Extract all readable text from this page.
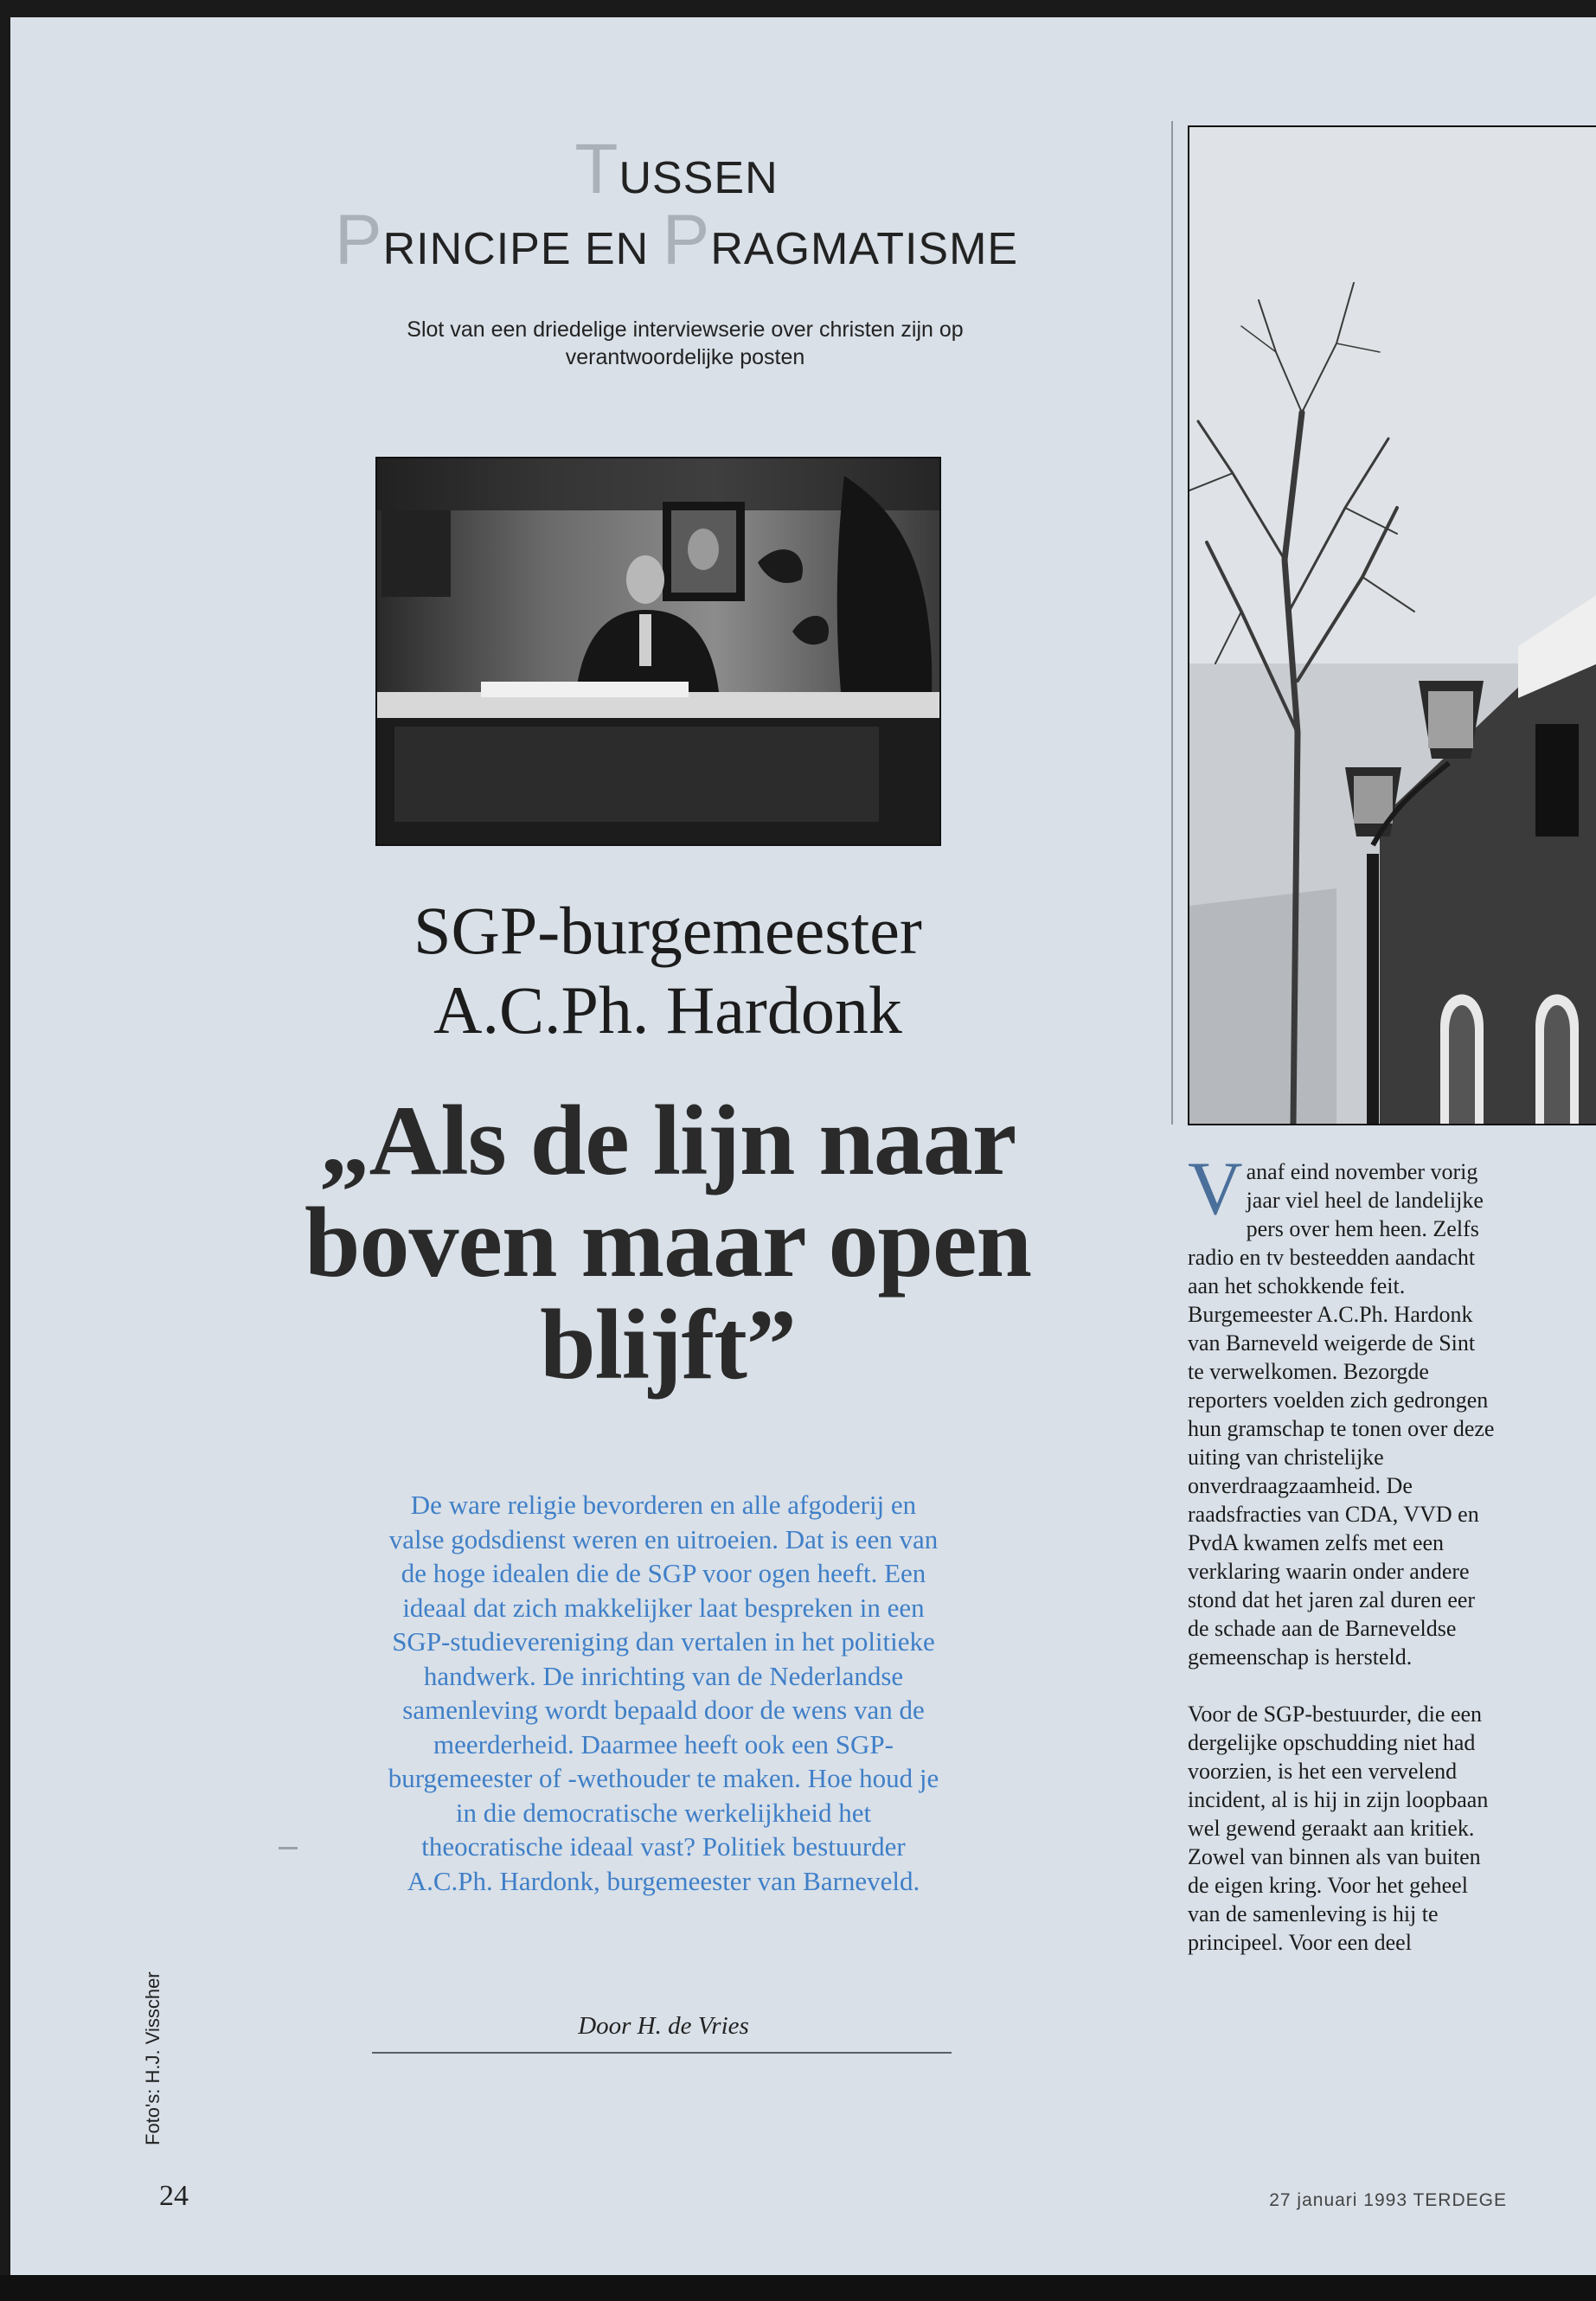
TUSSEN
PRINCIPE EN PRAGMATISME
Slot van een driedelige interviewserie over christen zijn op verantwoordelijke posten
SGP-burgemeester
A.C.Ph. Hardonk
„Als de lijn naar boven maar open blijft”
De ware religie bevorderen en alle afgoderij en valse godsdienst weren en uitroeien. Dat is een van de hoge idealen die de SGP voor ogen heeft. Een ideaal dat zich makkelijker laat bespreken in een SGP-studievereniging dan vertalen in het politieke handwerk. De inrichting van de Nederlandse samenleving wordt bepaald door de wens van de meerderheid. Daarmee heeft ook een SGP-burgemeester of -wethouder te maken. Hoe houd je in die democratische werkelijkheid het theocratische ideaal vast? Politiek bestuurder A.C.Ph. Hardonk, burgemeester van Barneveld.
Door H. de Vries

Vanaf eind november vorig jaar viel heel de landelijke pers over hem heen. Zelfs radio en tv besteedden aandacht aan het schokkende feit. Burgemeester A.C.Ph. Hardonk van Barneveld weigerde de Sint te verwelkomen. Bezorgde reporters voelden zich gedrongen hun gramschap te tonen over deze uiting van christelijke onverdraagzaamheid. De raadsfracties van CDA, VVD en PvdA kwamen zelfs met een verklaring waarin onder andere stond dat het jaren zal duren eer de schade aan de Barneveldse gemeenschap is hersteld.

Voor de SGP-bestuurder, die een dergelijke opschudding niet had voorzien, is het een vervelend incident, al is hij in zijn loopbaan wel gewend geraakt aan kritiek. Zowel van binnen als van buiten de eigen kring. Voor het geheel van de samenleving is hij te principeel. Voor een deel

Foto's: H.J. Visscher
24	27 januari 1993 TERDEGE
